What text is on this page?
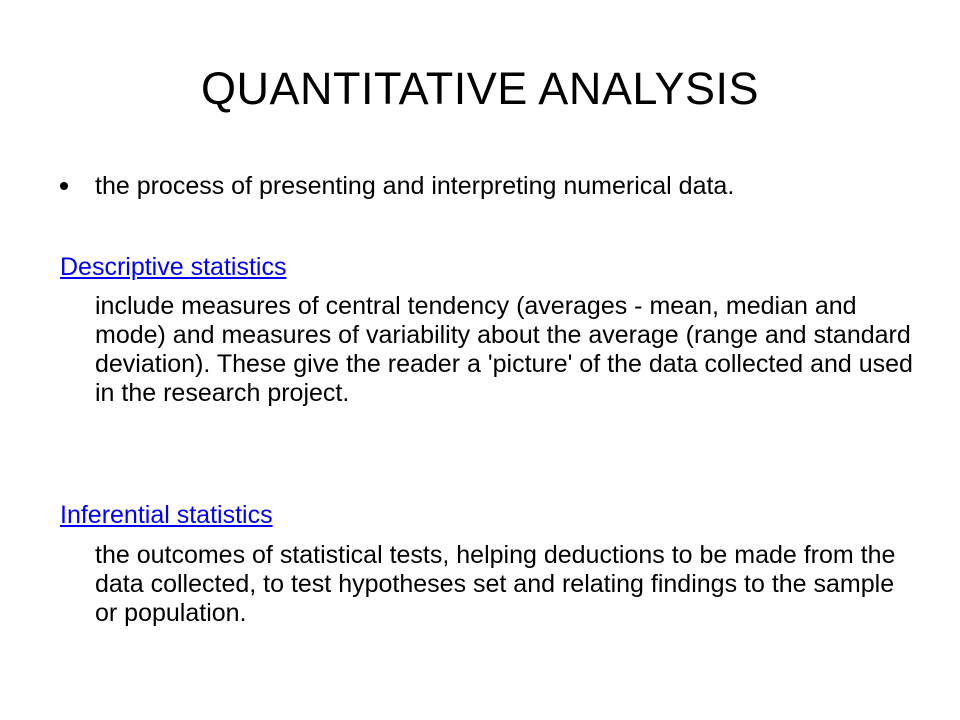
QUANTITATIVE ANALYSIS
the process of presenting and interpreting numerical data.
Descriptive statistics
include measures of central tendency (averages - mean, median and mode) and measures of variability about the average (range and standard deviation). These give the reader a 'picture' of the data collected and used in the research project.
Inferential statistics
the outcomes of statistical tests, helping deductions to be made from the data collected, to test hypotheses set and relating findings to the sample or population.
